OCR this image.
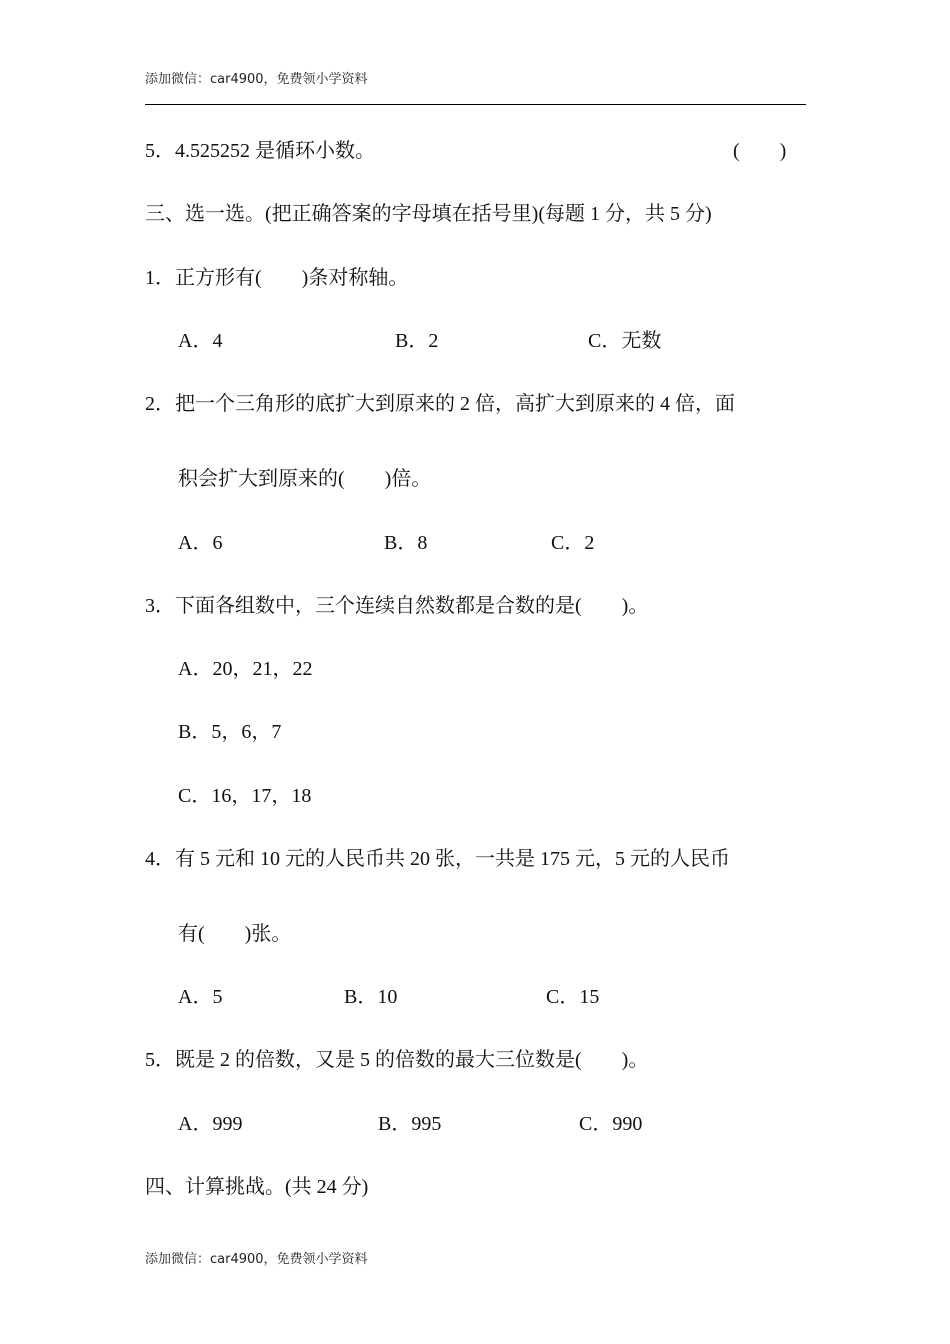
添加微信：car4900，免费领小学资料
5．4.525252 是循环小数。	(　　)
三、选一选。(把正确答案的字母填在括号里)(每题 1 分，共 5 分)
1．正方形有(　　)条对称轴。
A．4	B．2	C．无数
2．把一个三角形的底扩大到原来的 2 倍，高扩大到原来的 4 倍，面
积会扩大到原来的(　　)倍。
A．6	B．8	C．2
3．下面各组数中，三个连续自然数都是合数的是(　　)。
A．20，21，22
B．5，6，7
C．16，17，18
4．有 5 元和 10 元的人民币共 20 张，一共是 175 元，5 元的人民币
有(　　)张。
A．5	B．10	C．15
5．既是 2 的倍数，又是 5 的倍数的最大三位数是(　　)。
A．999	B．995	C．990
四、计算挑战。(共 24 分)
添加微信：car4900，免费领小学资料
